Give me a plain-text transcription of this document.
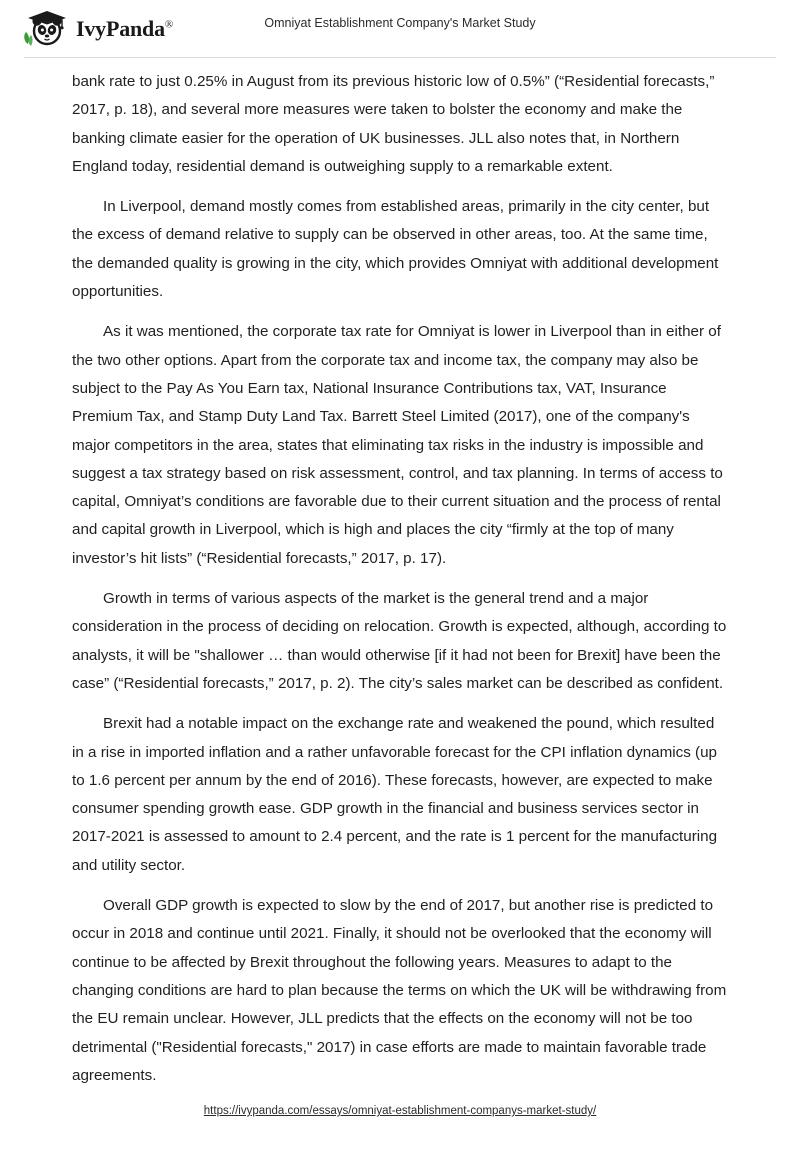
IvyPanda®	Omniyat Establishment Company's Market Study

bank rate to just 0.25% in August from its previous historic low of 0.5%” (“Residential forecasts,” 2017, p. 18), and several more measures were taken to bolster the economy and make the banking climate easier for the operation of UK businesses. JLL also notes that, in Northern England today, residential demand is outweighing supply to a remarkable extent.

In Liverpool, demand mostly comes from established areas, primarily in the city center, but the excess of demand relative to supply can be observed in other areas, too. At the same time, the demanded quality is growing in the city, which provides Omniyat with additional development opportunities.

As it was mentioned, the corporate tax rate for Omniyat is lower in Liverpool than in either of the two other options. Apart from the corporate tax and income tax, the company may also be subject to the Pay As You Earn tax, National Insurance Contributions tax, VAT, Insurance Premium Tax, and Stamp Duty Land Tax. Barrett Steel Limited (2017), one of the company's major competitors in the area, states that eliminating tax risks in the industry is impossible and suggest a tax strategy based on risk assessment, control, and tax planning. In terms of access to capital, Omniyat’s conditions are favorable due to their current situation and the process of rental and capital growth in Liverpool, which is high and places the city “firmly at the top of many investor’s hit lists” (“Residential forecasts,” 2017, p. 17).

Growth in terms of various aspects of the market is the general trend and a major consideration in the process of deciding on relocation. Growth is expected, although, according to analysts, it will be "shallower … than would otherwise [if it had not been for Brexit] have been the case” (“Residential forecasts,” 2017, p. 2). The city’s sales market can be described as confident.

Brexit had a notable impact on the exchange rate and weakened the pound, which resulted in a rise in imported inflation and a rather unfavorable forecast for the CPI inflation dynamics (up to 1.6 percent per annum by the end of 2016). These forecasts, however, are expected to make consumer spending growth ease. GDP growth in the financial and business services sector in 2017-2021 is assessed to amount to 2.4 percent, and the rate is 1 percent for the manufacturing and utility sector.

Overall GDP growth is expected to slow by the end of 2017, but another rise is predicted to occur in 2018 and continue until 2021. Finally, it should not be overlooked that the economy will continue to be affected by Brexit throughout the following years. Measures to adapt to the changing conditions are hard to plan because the terms on which the UK will be withdrawing from the EU remain unclear. However, JLL predicts that the effects on the economy will not be too detrimental ("Residential forecasts," 2017) in case efforts are made to maintain favorable trade agreements.

https://ivypanda.com/essays/omniyat-establishment-companys-market-study/
